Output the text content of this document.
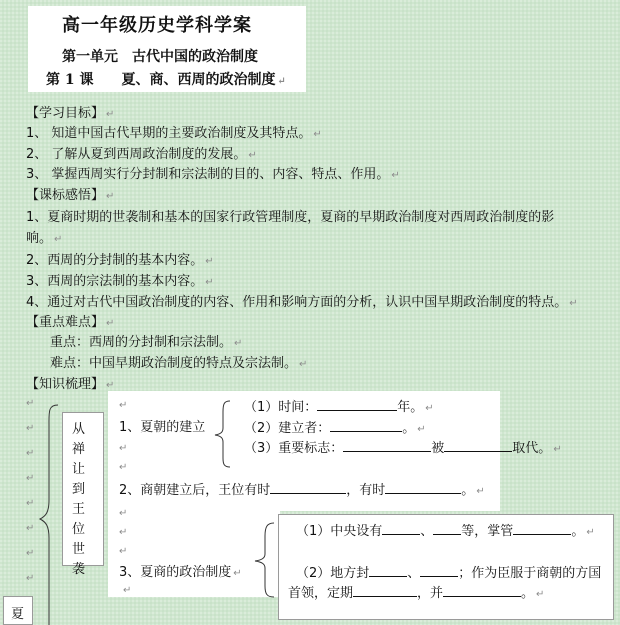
高一年级历史学科学案
第一单元　古代中国的政治制度
第 1 课　　夏、商、西周的政治制度 ↵
【学习目标】 ↵
1、 知道中国古代早期的主要政治制度及其特点。 ↵
2、 了解从夏到西周政治制度的发展。 ↵
3、 掌握西周实行分封制和宗法制的目的、内容、特点、作用。 ↵
【课标感悟】 ↵
1、夏商时期的世袭制和基本的国家行政管理制度，夏商的早期政治制度对西周政治制度的影
响。 ↵
2、西周的分封制的基本内容。 ↵
3、西周的宗法制的基本内容。 ↵
4、通过对古代中国政治制度的内容、作用和影响方面的分析，认识中国早期政治制度的特点。 ↵
【重点难点】 ↵
重点：西周的分封制和宗法制。 ↵
难点：中国早期政治制度的特点及宗法制。 ↵
【知识梳理】 ↵
↵
↵
↵
↵
↵
↵
↵
↵
从禅让到王位世袭
↵
↵
↵
↵
↵
↵
↵
1、夏朝的建立
（1）时间：	年。 ↵
（2）建立者：	。 ↵
（3）重要标志：	被	取代。 ↵
2、商朝建立后，王位有时	，有时	。 ↵
3、夏商的政治制度 ↵
（1）中央设有	、 等，掌管	。 ↵
（2）地方封	、	；作为臣服于商朝的方国
首领，定期	，并	。 ↵
夏
